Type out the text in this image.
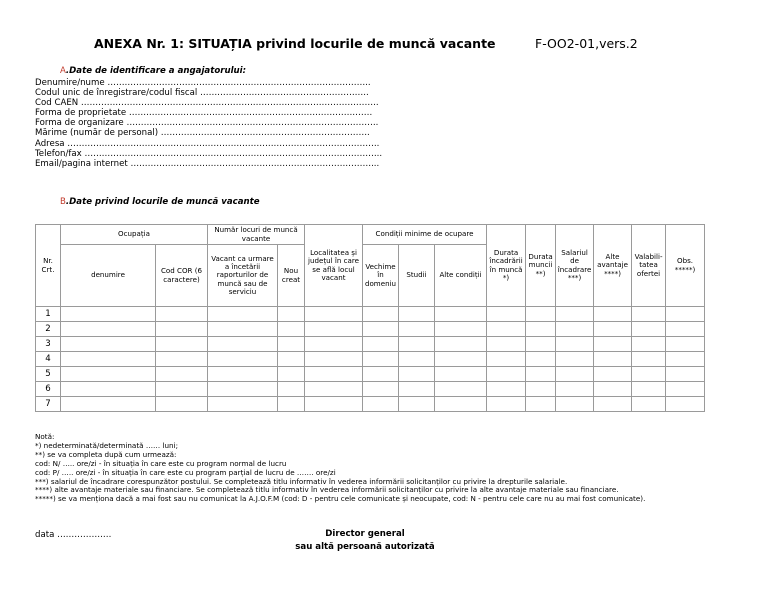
ANEXA Nr. 1: SITUAȚIA privind locurile de muncă vacante	F-OO2-01,vers.2
A.Date de identificare a angajatorului:
Denumire/nume ………………………………………………………………………………..
Codul unic de înregistrare/codul fiscal …………………………………………………..
Cod CAEN …………………………………………………………………………………………..
Forma de proprietate ………………………………………………………………………….
Forma de organizare …………………………………………………………………………….
Mărime (număr de personal) ……………………………………………………………….
Adresa ……………………………………………………………………………………………….
Telefon/fax …………………………………………………………………………………………..
Email/pagina internet …………………………………………………………………………...
B.Date privind locurile de muncă vacante
Nr. Crt.	Ocupația		Număr locuri de muncă vacante		Localitatea și județul în care se află locul vacant	Condiții minime de ocupare			Durata încadrării în muncă *)	Durata muncii **)	Salariul de încadrare ***)	Alte avantaje ****)	Valabili-tatea ofertei	Obs. *****)
	denumire	Cod COR (6 caractere)	Vacant ca urmare a încetării raporturilor de muncă sau de serviciu	Nou creat		Vechime în domeniu	Studii	Alte condiții						
1														
2														
3														
4														
5														
6														
7														
Notă:
*) nedeterminată/determinată …… luni;
**) se va completa după cum urmează:
cod: N/ ….. ore/zi - în situația în care este cu program normal de lucru
cod: P/ ….. ore/zi - în situația în care este cu program parțial de lucru de ……. ore/zi
***) salariul de încadrare corespunzător postului. Se completează titlu informativ în vederea informării solicitanților cu privire la drepturile salariale.
****) alte avantaje materiale sau financiare. Se completează titlu informativ în vederea informării solicitanților cu privire la alte avantaje materiale sau financiare.
*****) se va menționa dacă a mai fost sau nu comunicat la A.J.O.F.M (cod: D - pentru cele comunicate și neocupate, cod: N - pentru cele care nu au mai fost comunicate).
data ……………….	Director general
sau altă persoană autorizată
